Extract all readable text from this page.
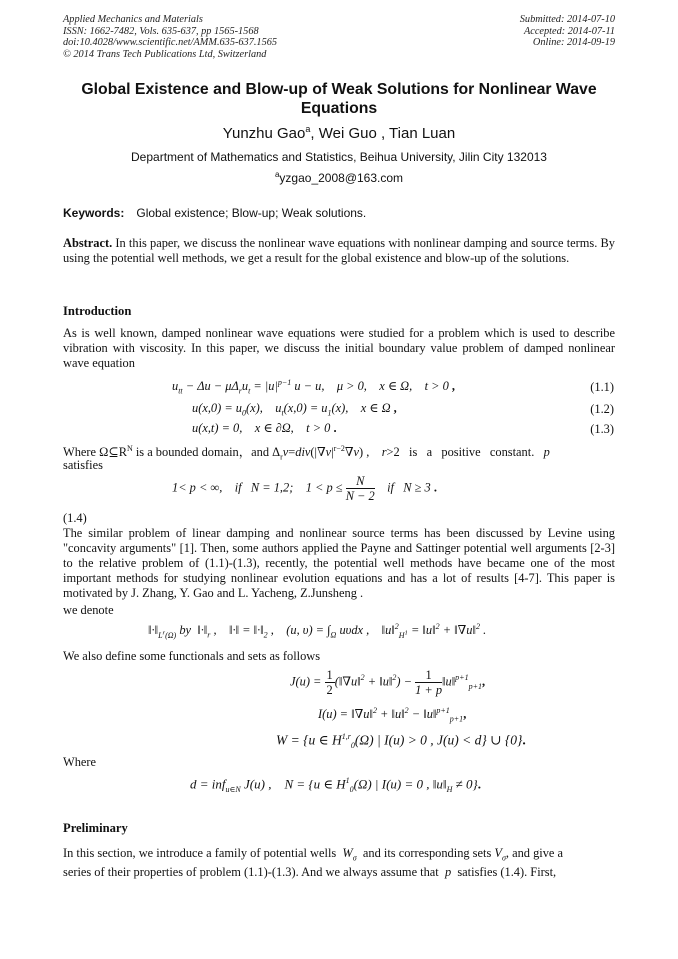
Applied Mechanics and Materials
ISSN: 1662-7482, Vols. 635-637, pp 1565-1568
doi:10.4028/www.scientific.net/AMM.635-637.1565
© 2014 Trans Tech Publications Ltd, Switzerland
Submitted: 2014-07-10
Accepted: 2014-07-11
Online: 2014-09-19
Global Existence and Blow-up of Weak Solutions for Nonlinear Wave Equations
Yunzhu Gao$^a$, Wei Guo , Tian Luan
Department of Mathematics and Statistics, Beihua University, Jilin City 132013
$^a$yzgao_2008@163.com
Keywords: Global existence; Blow-up; Weak solutions.
Abstract. In this paper, we discuss the nonlinear wave equations with nonlinear damping and source terms. By using the potential well methods, we get a result for the global existence and blow-up of the solutions.
Introduction
As is well known, damped nonlinear wave equations were studied for a problem which is used to describe vibration with viscosity. In this paper, we discuss the initial boundary value problem of damped nonlinear wave equation
$u_{tt} - \Delta u - \mu\Delta_ru_t = |u|^{p-1}$ u − u,    μ > 0,    x ∈ Ω,    t > 0 ,	(1.1)
$u(x,0) = u_0(x)$,    $u_t(x,0) = u_1(x)$,    x ∈ Ω ,	(1.2)
u(x,t) = 0,    x ∈ ∂Ω,    t > 0 .	(1.3)
Where $\Omega⊆R^N$ is a bounded domain，and $\Delta_rv=div(|\nabla v|^{r-2}\nabla v)$ ,    r>2   is   a   positive   constant.   p
satisfies
1< p < ∞,    if   N = 1,2;    $1 < p \le \frac{N}{N - 2}$ if   N ≥ 3 .
(1.4)
The similar problem of linear damping and nonlinear source terms has been discussed by Levine using "concavity arguments" [1]. Then, some authors applied the Payne and Sattinger potential well arguments [2-3] to the relative problem of (1.1)-(1.3), recently, the potential well methods have became one of the most important methods for studying nonlinear evolution equations and has a lot of results [4-7]. This paper is motivated by J. Zhang, Y. Gao and L. Yacheng, Z.Junsheng .
we denote
$‖\cdot‖_{L^r(\Omega)}$ by  $‖\cdot‖_r$ ,    ‖·‖ = $‖\cdot‖_2$ ,    (u, $\upsilon) = \int_\Omega$ uυdx ,    ‖u‖$^2_{H^1}$ = ‖u‖$^2$ + ‖∇u‖$^2$ .
We also define some functionals and sets as follows
$J(u) = \frac{1}{2}$ (‖∇u‖$^2$ + ‖u‖$^2$) − $\frac{1}{1 + p}$ ‖u‖$^{p+1}_{p+1}$,
I(u) = ‖∇u‖$^2$ + ‖u‖$^2$ − ‖u‖$^{p+1}_{p+1}$,
W = {u ∈ H$^{1,r}_0$(Ω) | I(u) > 0 , J(u) < d} ∪ {0}.
Where
d = inf$_{u\in N}$ J(u) ,    N = {u ∈ $H^1_0(\Omega)$ | I(u) = 0 , $‖u‖_H \ne 0$}.
Preliminary
In this section, we introduce a family of potential wells $W_\sigma$ and its corresponding sets $V_\sigma$, and give a
series of their properties of problem (1.1)-(1.3). And we always assume that p satisfies (1.4). First,
